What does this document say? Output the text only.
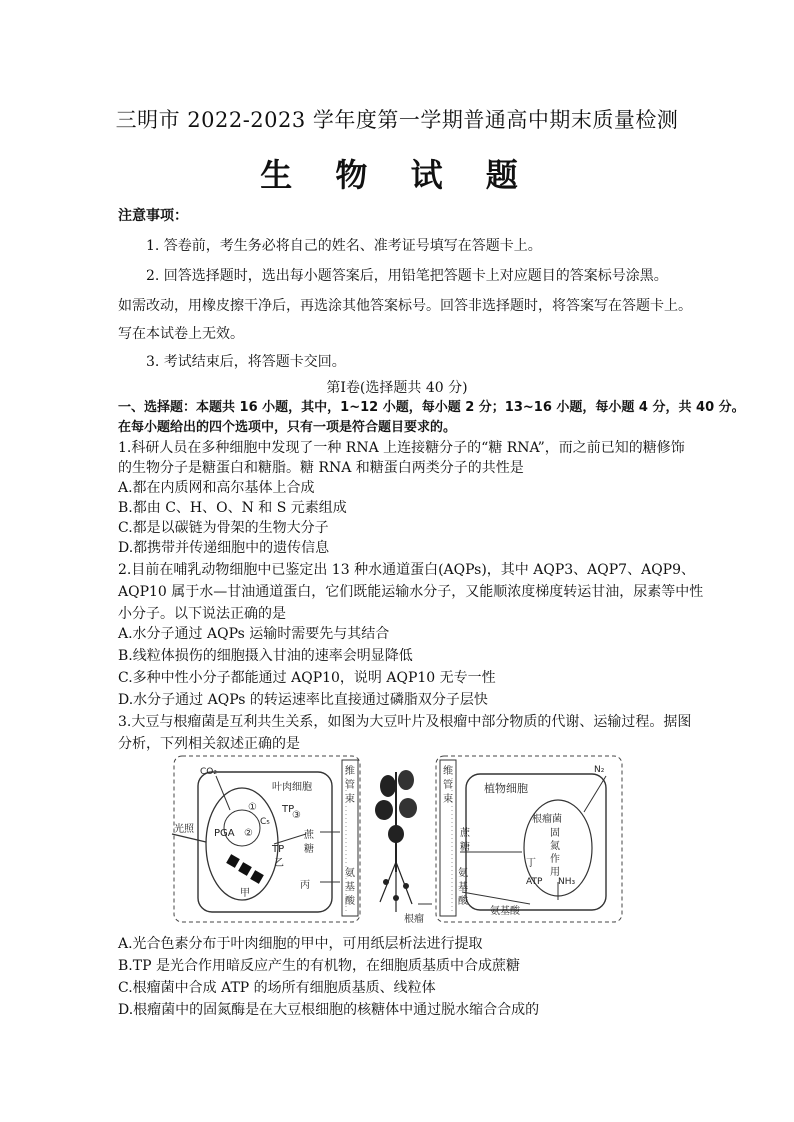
三明市 2022-2023 学年度第一学期普通高中期末质量检测
生 物 试 题
注意事项：
1. 答卷前，考生务必将自己的姓名、准考证号填写在答题卡上。
2. 回答选择题时，选出每小题答案后，用铅笔把答题卡上对应题目的答案标号涂黑。
如需改动，用橡皮擦干净后，再选涂其他答案标号。回答非选择题时，将答案写在答题卡上。
写在本试卷上无效。
3. 考试结束后，将答题卡交回。
第Ⅰ卷(选择题共 40 分)
一、选择题：本题共 16 小题，其中，1~12 小题，每小题 2 分；13~16 小题，每小题 4 分，共 40 分。
在每小题给出的四个选项中，只有一项是符合题目要求的。
1.科研人员在多种细胞中发现了一种 RNA 上连接糖分子的“糖 RNA”，而之前已知的糖修饰
的生物分子是糖蛋白和糖脂。糖 RNA 和糖蛋白两类分子的共性是
A.都在内质网和高尔基体上合成
B.都由 C、H、O、N 和 S 元素组成
C.都是以碳链为骨架的生物大分子
D.都携带并传递细胞中的遗传信息
2.目前在哺乳动物细胞中已鉴定出 13 种水通道蛋白(AQPs)，其中 AQP3、AQP7、AQP9、
AQP10 属于水—甘油通道蛋白，它们既能运输水分子，又能顺浓度梯度转运甘油，尿素等中性
小分子。以下说法正确的是
A.水分子通过 AQPs 运输时需要先与其结合
B.线粒体损伤的细胞摄入甘油的速率会明显降低
C.多种中性小分子都能通过 AQP10，说明 AQP10 无专一性
D.水分子通过 AQPs 的转运速率比直接通过磷脂双分子层快
3.大豆与根瘤菌是互利共生关系，如图为大豆叶片及根瘤中部分物质的代谢、运输过程。据图
分析，下列相关叙述正确的是
CO₂
①
②
③
叶肉细胞
C₅
PGA
TP
TP
光照
乙
甲
丙
蔗
糖
维
管
束
氨
基
酸
根瘤
维
管
束
蔗
糖
氨
基
酸
植物细胞
N₂
根瘤菌
固
氮
作
用
丁
ATP NH₃
氨基酸
A.光合色素分布于叶肉细胞的甲中，可用纸层析法进行提取
B.TP 是光合作用暗反应产生的有机物，在细胞质基质中合成蔗糖
C.根瘤菌中合成 ATP 的场所有细胞质基质、线粒体
D.根瘤菌中的固氮酶是在大豆根细胞的核糖体中通过脱水缩合合成的
